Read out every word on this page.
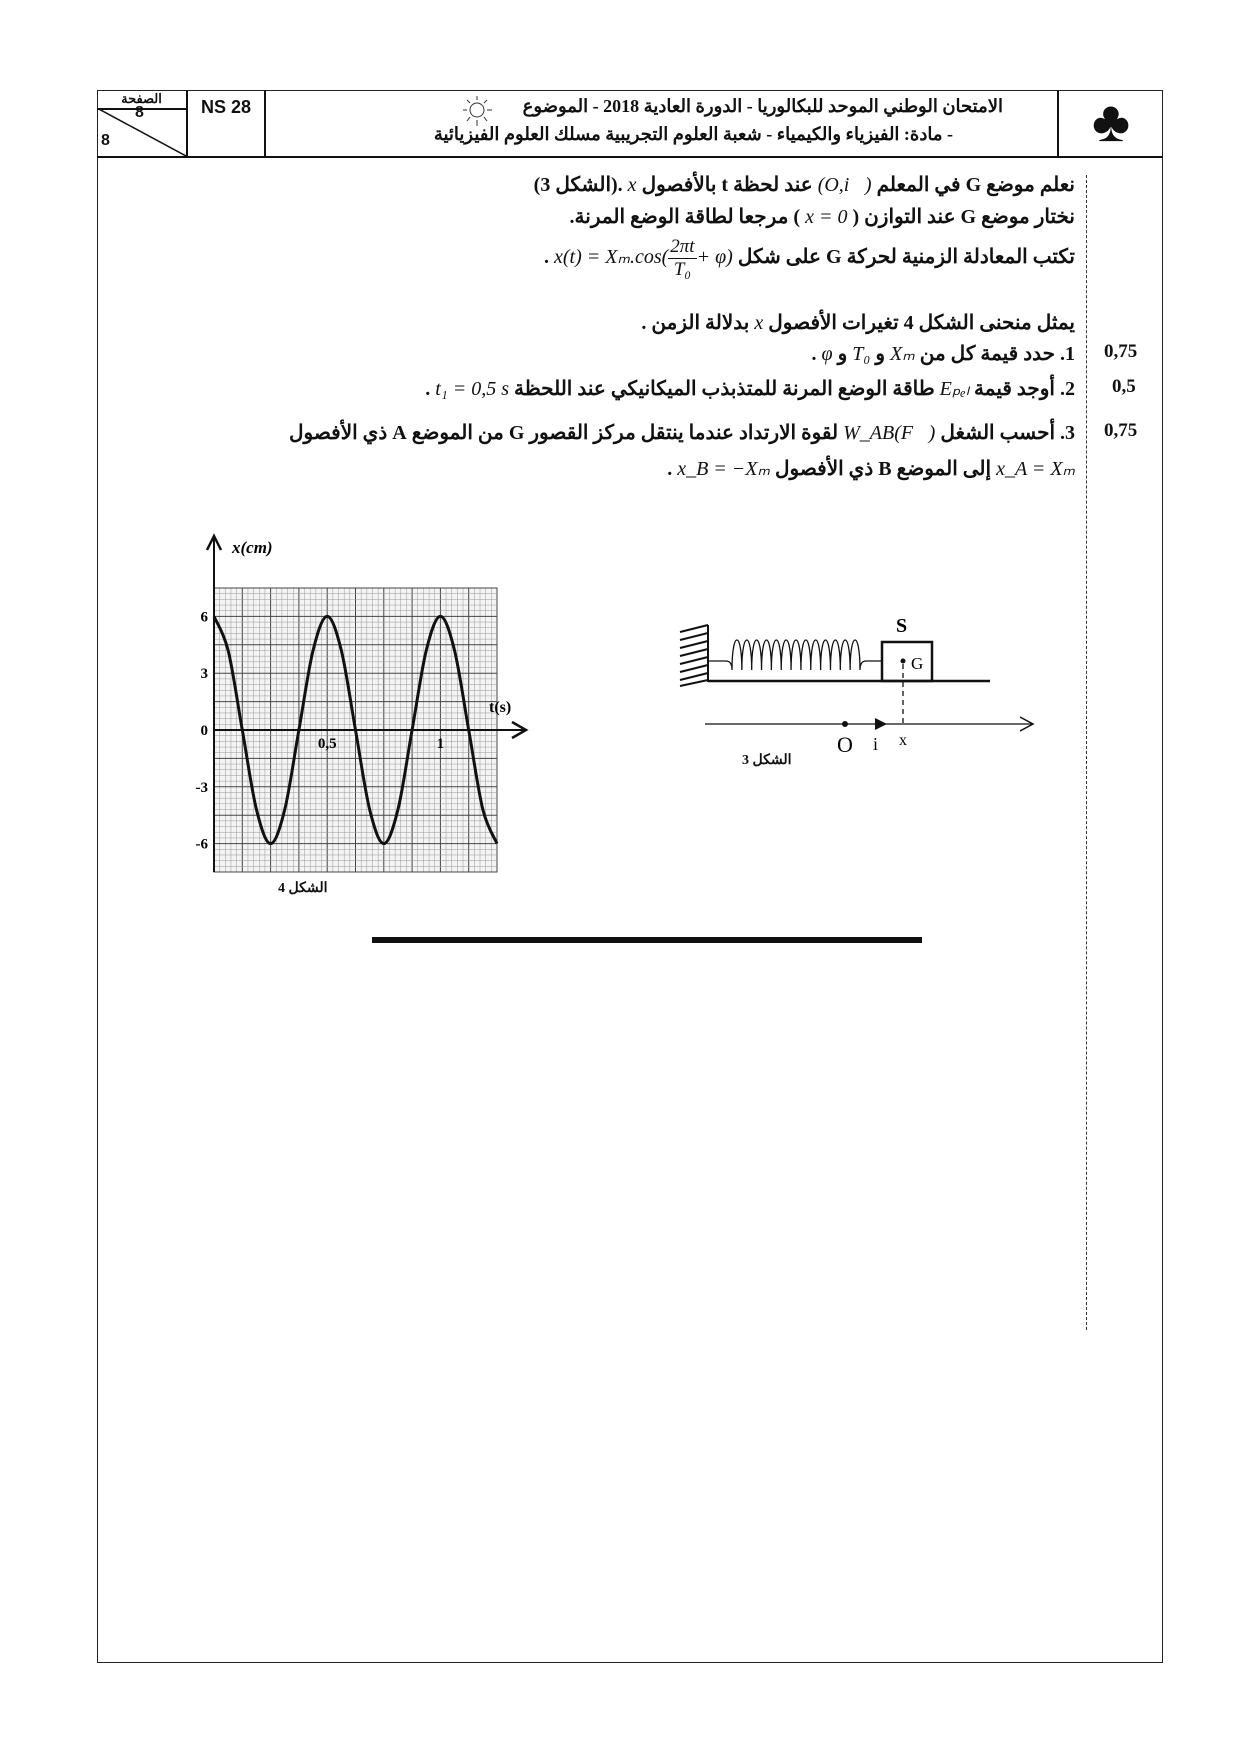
الصفحة
8
8
NS 28	الامتحان الوطني الموحد للبكالوريا - الدورة العادية 2018 - الموضوع
- مادة: الفيزياء والكيمياء - شعبة العلوم التجريبية مسلك العلوم الفيزيائية	♣
نعلم موضع G في المعلم (O,i⃗) عند لحظة t بالأفصول x .(الشكل 3)
نختار موضع G عند التوازن ( x = 0 ) مرجعا لطاقة الوضع المرنة.
تكتب المعادلة الزمنية لحركة G على شكل $x(t) = X_m.\cos( \frac{2\pi t}{\text{T₀}} + \varphi)$ .
يمثل منحنى الشكل 4 تغيرات الأفصول x بدلالة الزمن .
1. حدد قيمة كل من Xₘ و T₀ و φ .
2. أوجد قيمة Eₚₑₗ طاقة الوضع المرنة للمتذبذب الميكانيكي عند اللحظة t₁ = 0,5 s .
3. أحسب الشغل W_AB(F⃗) لقوة الارتداد عندما ينتقل مركز القصور G من الموضع A ذي الأفصول
x_A = Xₘ إلى الموضع B ذي الأفصول x_B = −Xₘ .
0,75
0,5
0,75
x(cm)
t(s)
6
3
0
-3
-6
0,5	1
الشكل 4
G
S
O i x
الشكل 3
